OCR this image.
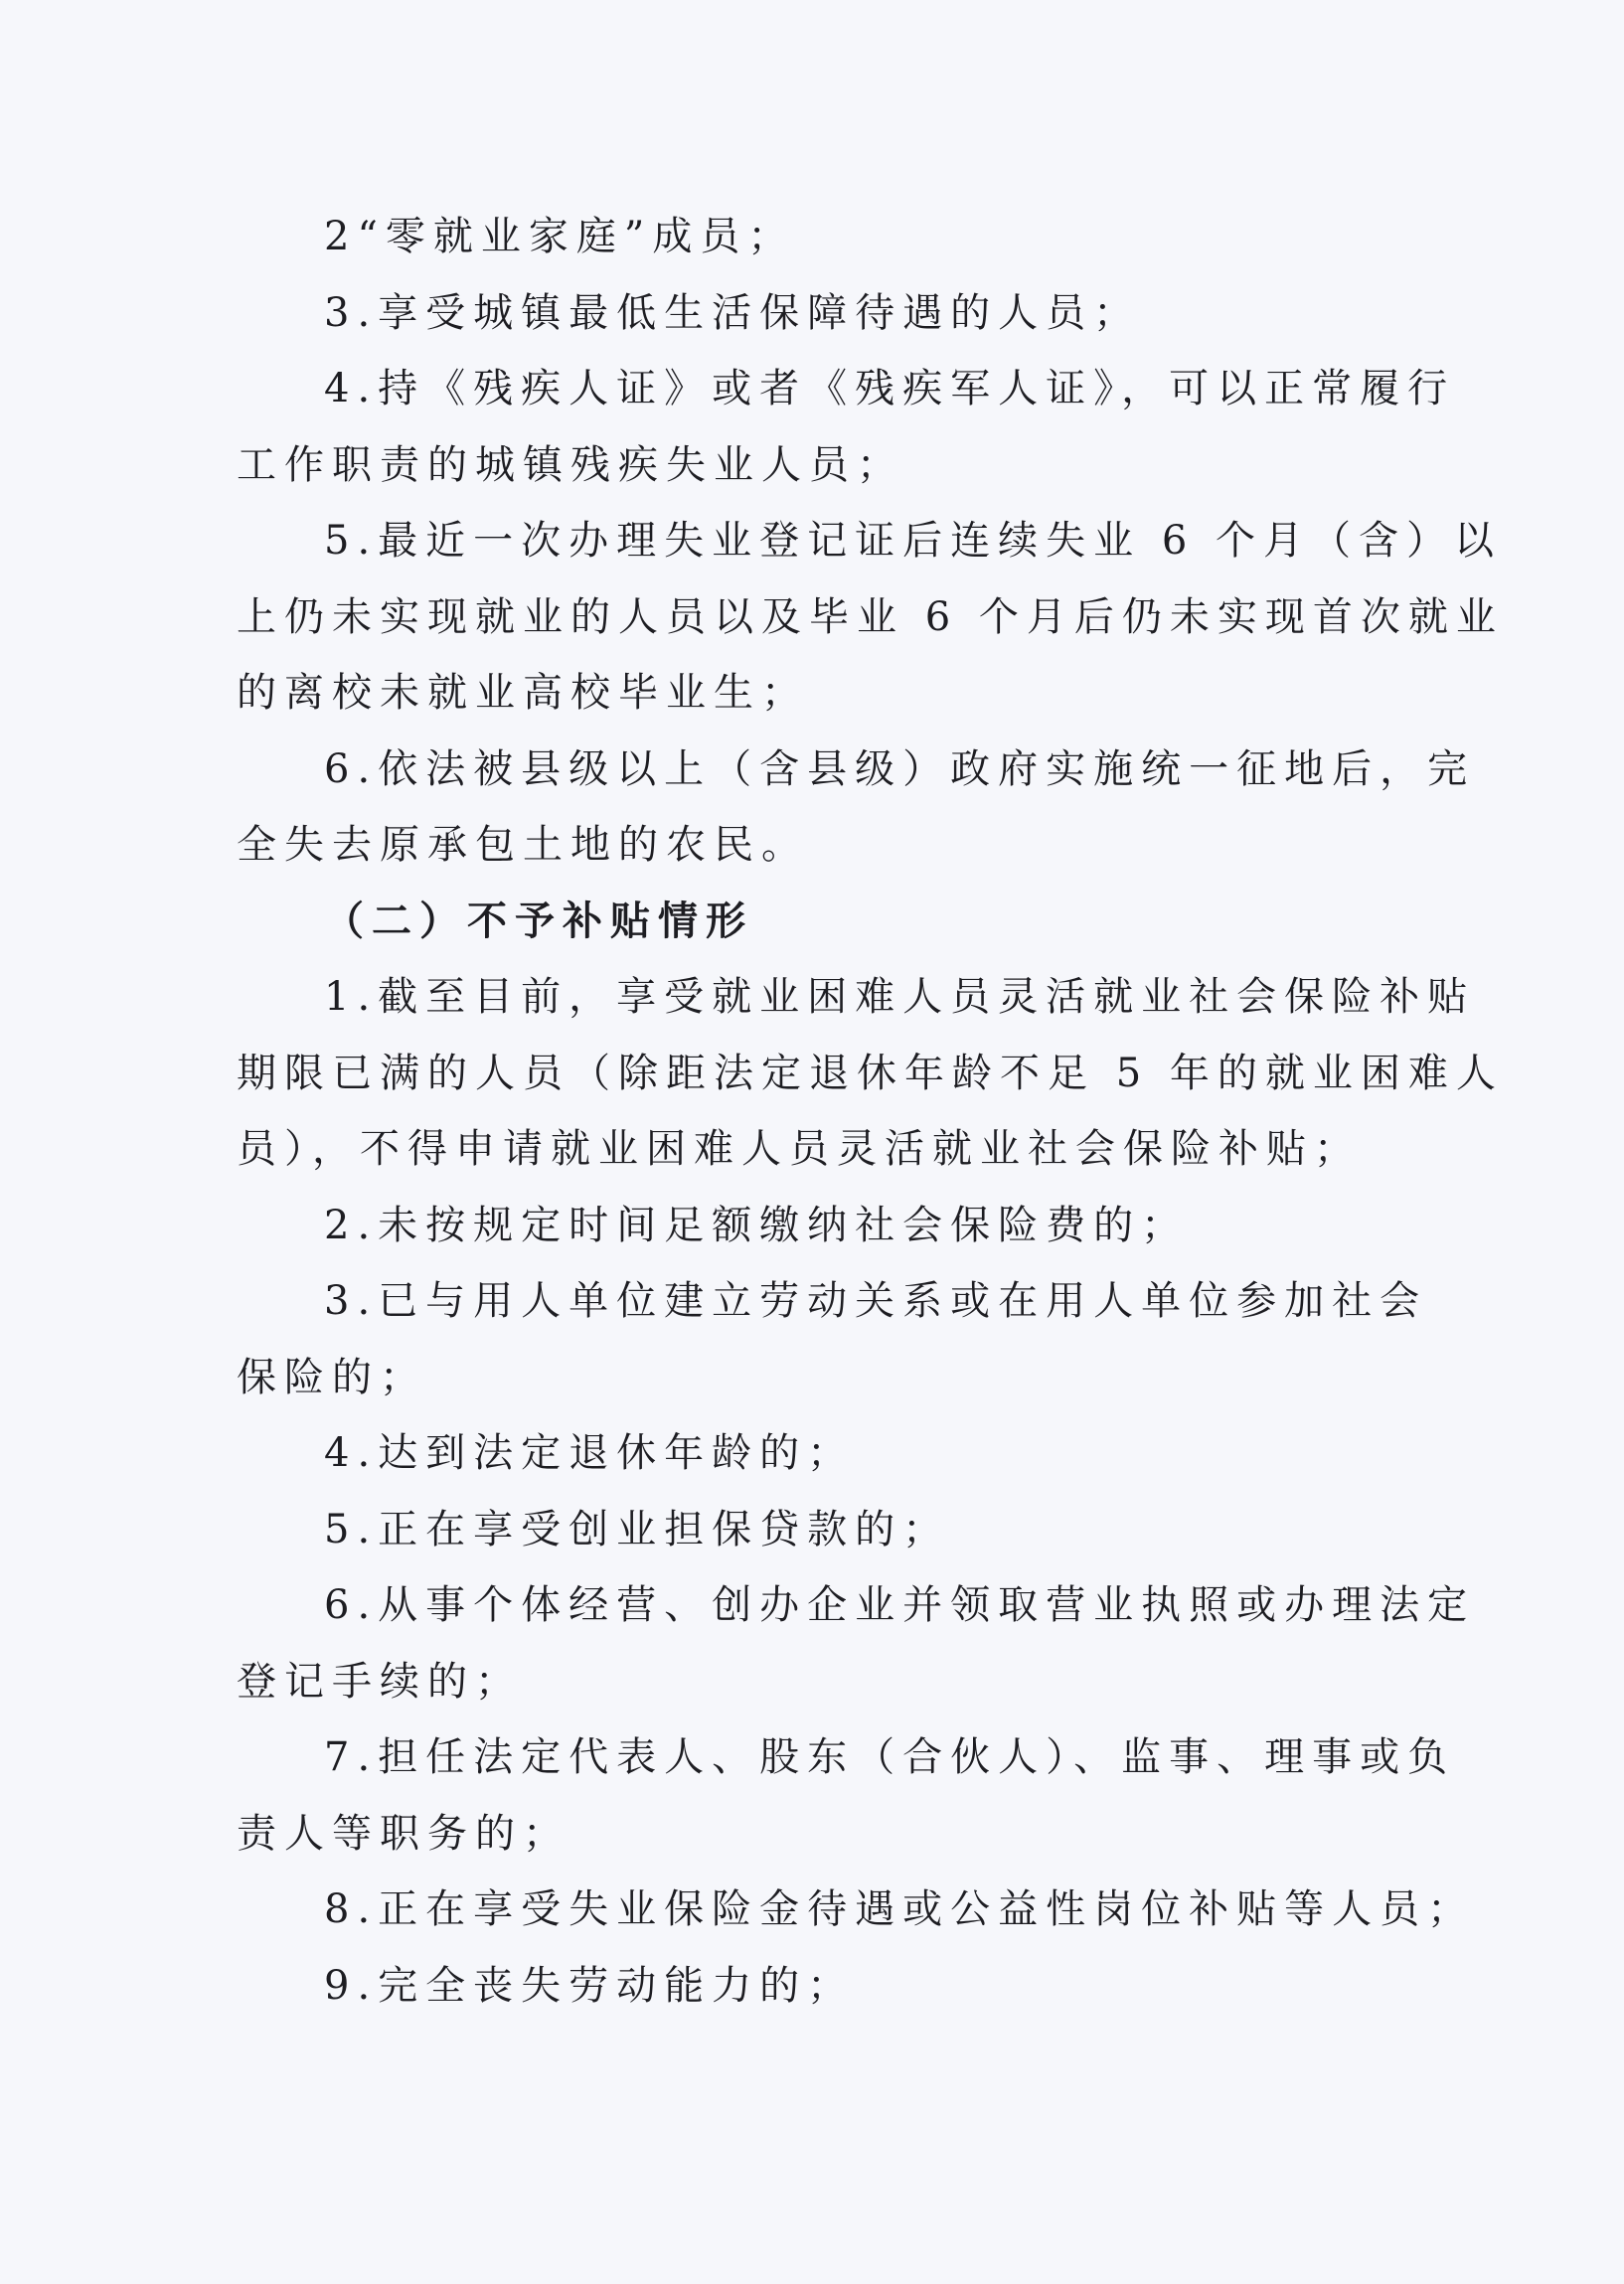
2“零就业家庭”成员；
3.享受城镇最低生活保障待遇的人员；
4.持《残疾人证》或者《残疾军人证》，可以正常履行
工作职责的城镇残疾失业人员；
5.最近一次办理失业登记证后连续失业 6 个月（含）以
上仍未实现就业的人员以及毕业 6 个月后仍未实现首次就业
的离校未就业高校毕业生；
6.依法被县级以上（含县级）政府实施统一征地后，完
全失去原承包土地的农民。
（二）不予补贴情形
1.截至目前，享受就业困难人员灵活就业社会保险补贴
期限已满的人员（除距法定退休年龄不足 5 年的就业困难人
员），不得申请就业困难人员灵活就业社会保险补贴；
2.未按规定时间足额缴纳社会保险费的；
3.已与用人单位建立劳动关系或在用人单位参加社会
保险的；
4.达到法定退休年龄的；
5.正在享受创业担保贷款的；
6.从事个体经营、创办企业并领取营业执照或办理法定
登记手续的；
7.担任法定代表人、股东（合伙人）、监事、理事或负
责人等职务的；
8.正在享受失业保险金待遇或公益性岗位补贴等人员；
9.完全丧失劳动能力的；
